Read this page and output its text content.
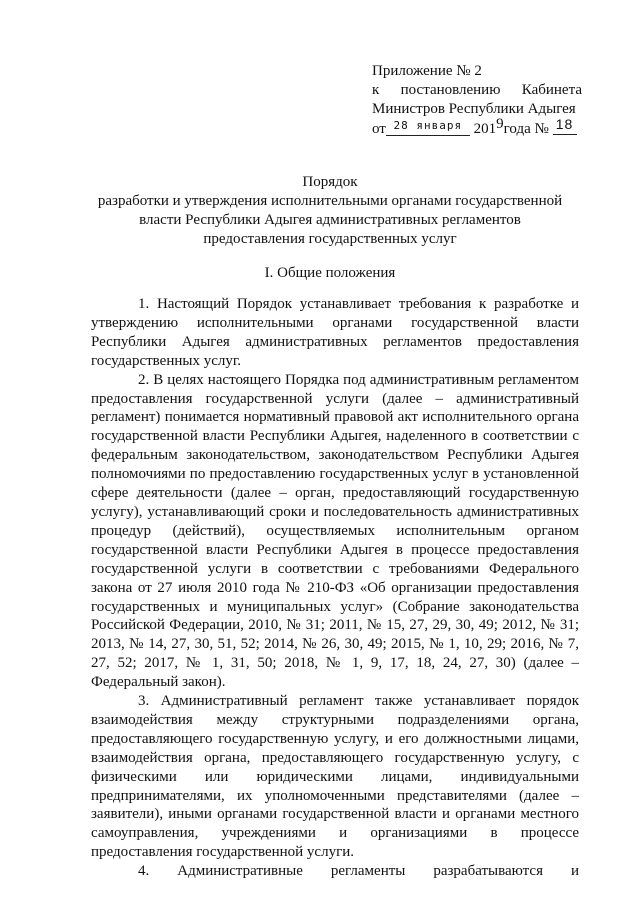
Приложение № 2
к постановлению Кабинета
Министров Республики Адыгея
от 28 января 2019года № 18
Порядок
разработки и утверждения исполнительными органами государственной
власти Республики Адыгея административных регламентов
предоставления государственных услуг
I. Общие положения

1. Настоящий Порядок устанавливает требования к разработке и утверждению исполнительными органами государственной власти Республики Адыгея административных регламентов предоставления государственных услуг.

2. В целях настоящего Порядка под административным регламентом предоставления государственной услуги (далее – административный регламент) понимается нормативный правовой акт исполнительного органа государственной власти Республики Адыгея, наделенного в соответствии с федеральным законодательством, законодательством Республики Адыгея полномочиями по предоставлению государственных услуг в установленной сфере деятельности (далее – орган, предоставляющий государственную услугу), устанавливающий сроки и последовательность административных процедур (действий), осуществляемых исполнительным органом государственной власти Республики Адыгея в процессе предоставления государственной услуги в соответствии с требованиями Федерального закона от 27 июля 2010 года № 210-ФЗ «Об организации предоставления государственных и муниципальных услуг» (Собрание законодательства Российской Федерации, 2010, № 31; 2011, № 15, 27, 29, 30, 49; 2012, № 31; 2013, № 14, 27, 30, 51, 52; 2014, № 26, 30, 49; 2015, № 1, 10, 29; 2016, № 7, 27, 52; 2017, № 1, 31, 50; 2018, № 1, 9, 17, 18, 24, 27, 30) (далее – Федеральный закон).

3. Административный регламент также устанавливает порядок взаимодействия между структурными подразделениями органа, предоставляющего государственную услугу, и его должностными лицами, взаимодействия органа, предоставляющего государственную услугу, с физическими или юридическими лицами, индивидуальными предпринимателями, их уполномоченными представителями (далее – заявители), иными органами государственной власти и органами местного самоуправления, учреждениями и организациями в процессе предоставления государственной услуги.

4. Административные регламенты разрабатываются и
